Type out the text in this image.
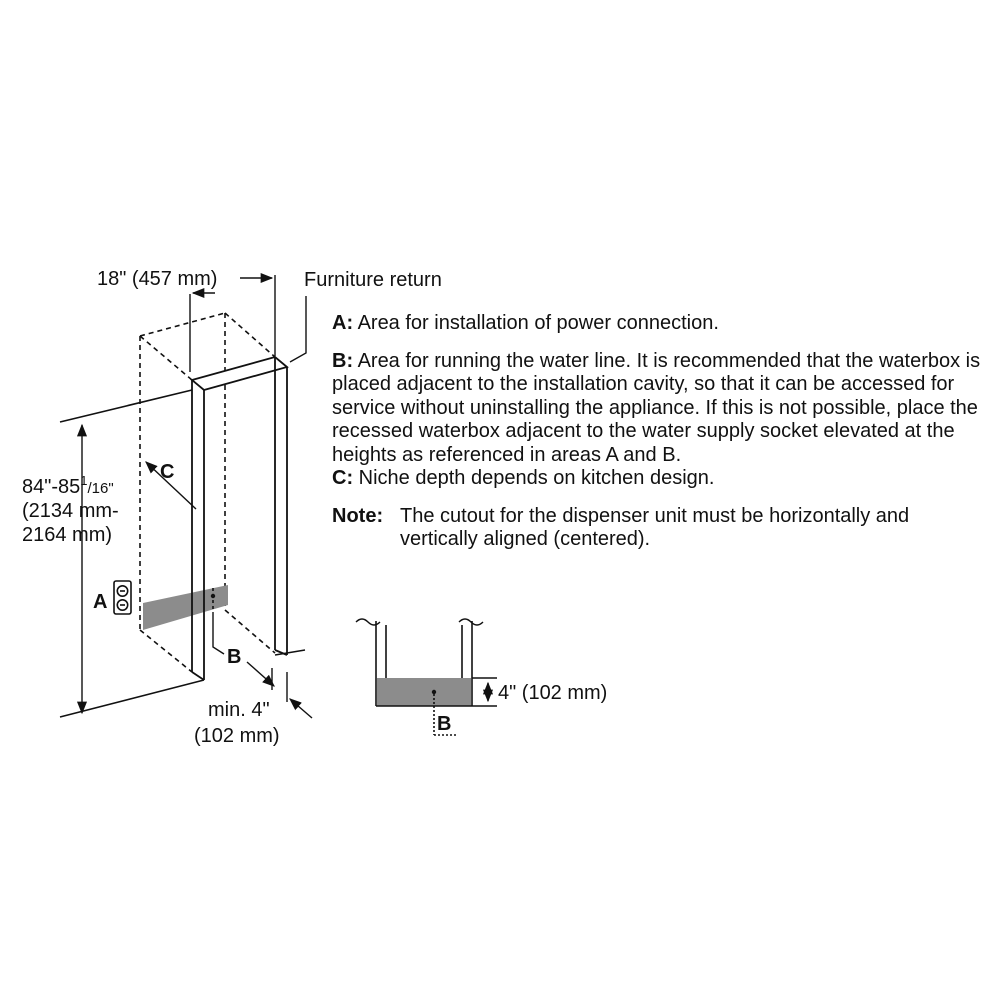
18" (457 mm)	Furniture return
$84"-85^1_{/16"}$
(2134 mm-
2164 mm)
C
A
B
min. 4"
(102 mm)
4" (102 mm)
B

A: Area for installation of power connection.

B: Area for running the water line. It is recommended that the waterbox is placed adjacent to the installation cavity, so that it can be accessed for service without uninstalling the appliance. If this is not possible, place the recessed waterbox adjacent to the water supply socket elevated at the heights as referenced in areas A and B.

C: Niche depth depends on kitchen design.

Note: The cutout for the dispenser unit must be horizontally and vertically aligned (centered).
